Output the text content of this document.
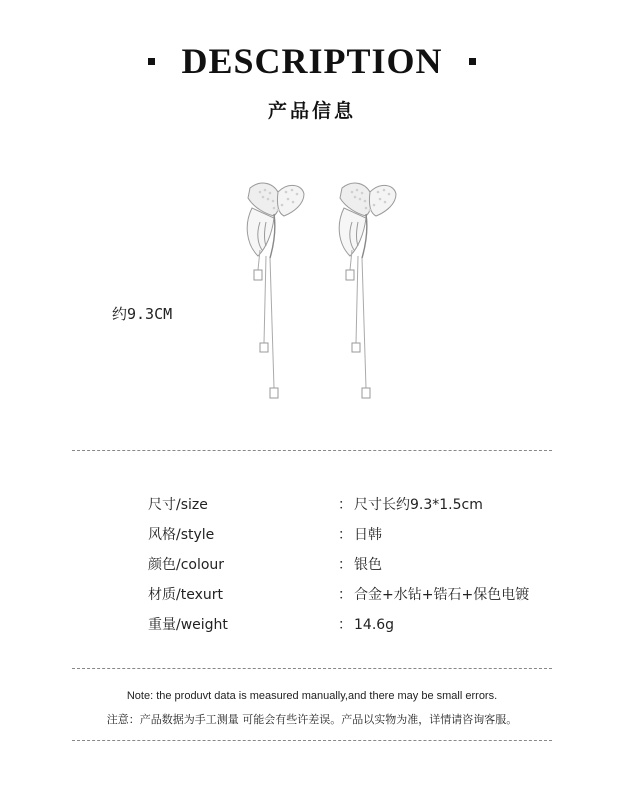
DESCRIPTION
产品信息
约9.3CM
尺寸/size	： 尺寸长约9.3*1.5cm
风格/style	： 日韩
颜色/colour	： 银色
材质/texurt	： 合金+水钻+锆石+保色电镀
重量/weight	： 14.6g
Note: the produvt data is measured manually,and there may be small errors.
注意：产品数据为手工测量 可能会有些许差误。产品以实物为准，详情请咨询客服。
